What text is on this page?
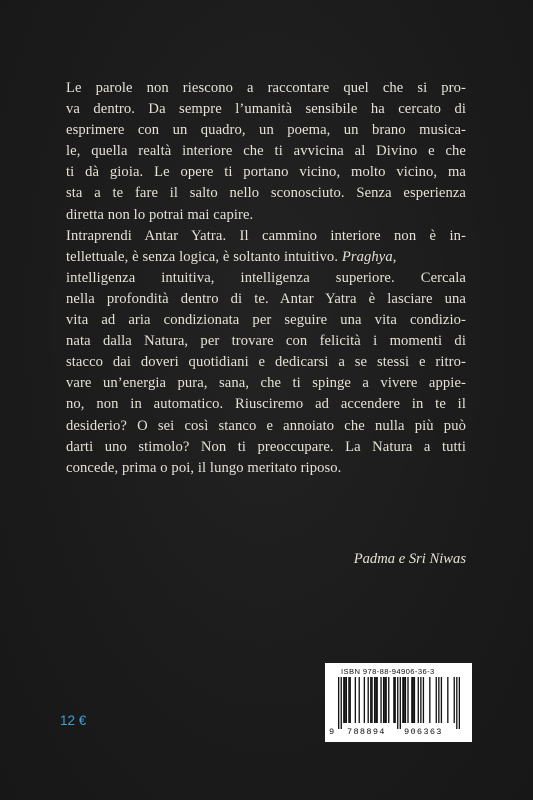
Le parole non riescono a raccontare quel che si pro-
va dentro. Da sempre l’umanità sensibile ha cercato di
esprimere con un quadro, un poema, un brano musica-
le, quella realtà interiore che ti avvicina al Divino e che
ti dà gioia. Le opere ti portano vicino, molto vicino, ma
sta a te fare il salto nello sconosciuto. Senza esperienza
diretta non lo potrai mai capire.
Intraprendi Antar Yatra. Il cammino interiore non è in-
tellettuale, è senza logica, è soltanto intuitivo. Praghya,
intelligenza intuitiva, intelligenza superiore. Cercala
nella profondità dentro di te. Antar Yatra è lasciare una
vita ad aria condizionata per seguire una vita condizio-
nata dalla Natura, per trovare con felicità i momenti di
stacco dai doveri quotidiani e dedicarsi a se stessi e ritro-
vare un’energia pura, sana, che ti spinge a vivere appie-
no, non in automatico. Riusciremo ad accendere in te il
desiderio? O sei così stanco e annoiato che nulla più può
darti uno stimolo? Non ti preoccupare. La Natura a tutti
concede, prima o poi, il lungo meritato riposo.
Padma e Sri Niwas
12 €
ISBN 978-88-94906-36-3
9 788894 906363
